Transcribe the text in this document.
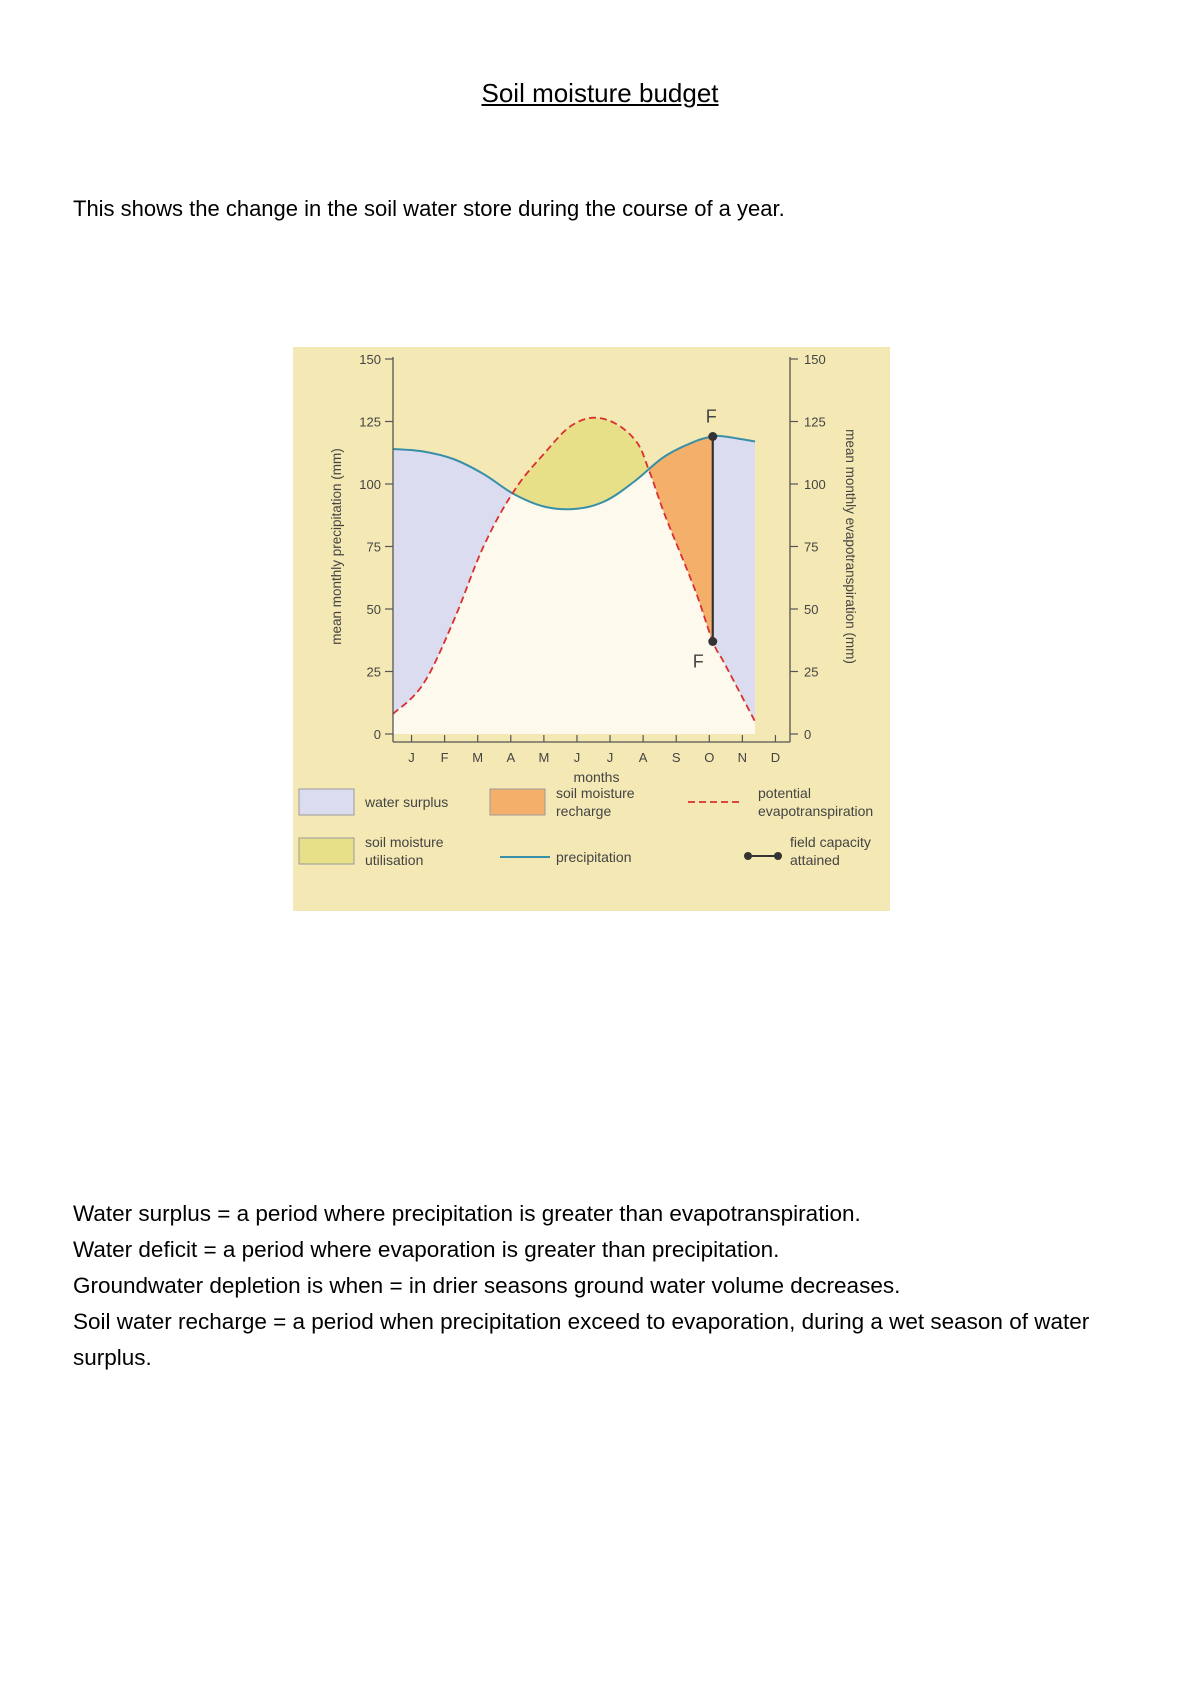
Soil moisture budget

This shows the change in the soil water store during the course of a year.

0	0
25	25
50	50
75	75
100	100
125	125
150	150
J F M A M J J A S O N D
F
F
months
mean monthly precipitation (mm)	mean monthly evapotranspiration (mm)
water surplus
soil moisture
recharge
potential
evapotranspiration
soil moisture
utilisation	precipitation
field capacity
attained

Water surplus = a period where precipitation is greater than evapotranspiration.

Water deficit = a period where evaporation is greater than precipitation.

Groundwater depletion is when = in drier seasons ground water volume decreases.

Soil water recharge = a period when precipitation exceed to evaporation, during a wet season of water surplus.
